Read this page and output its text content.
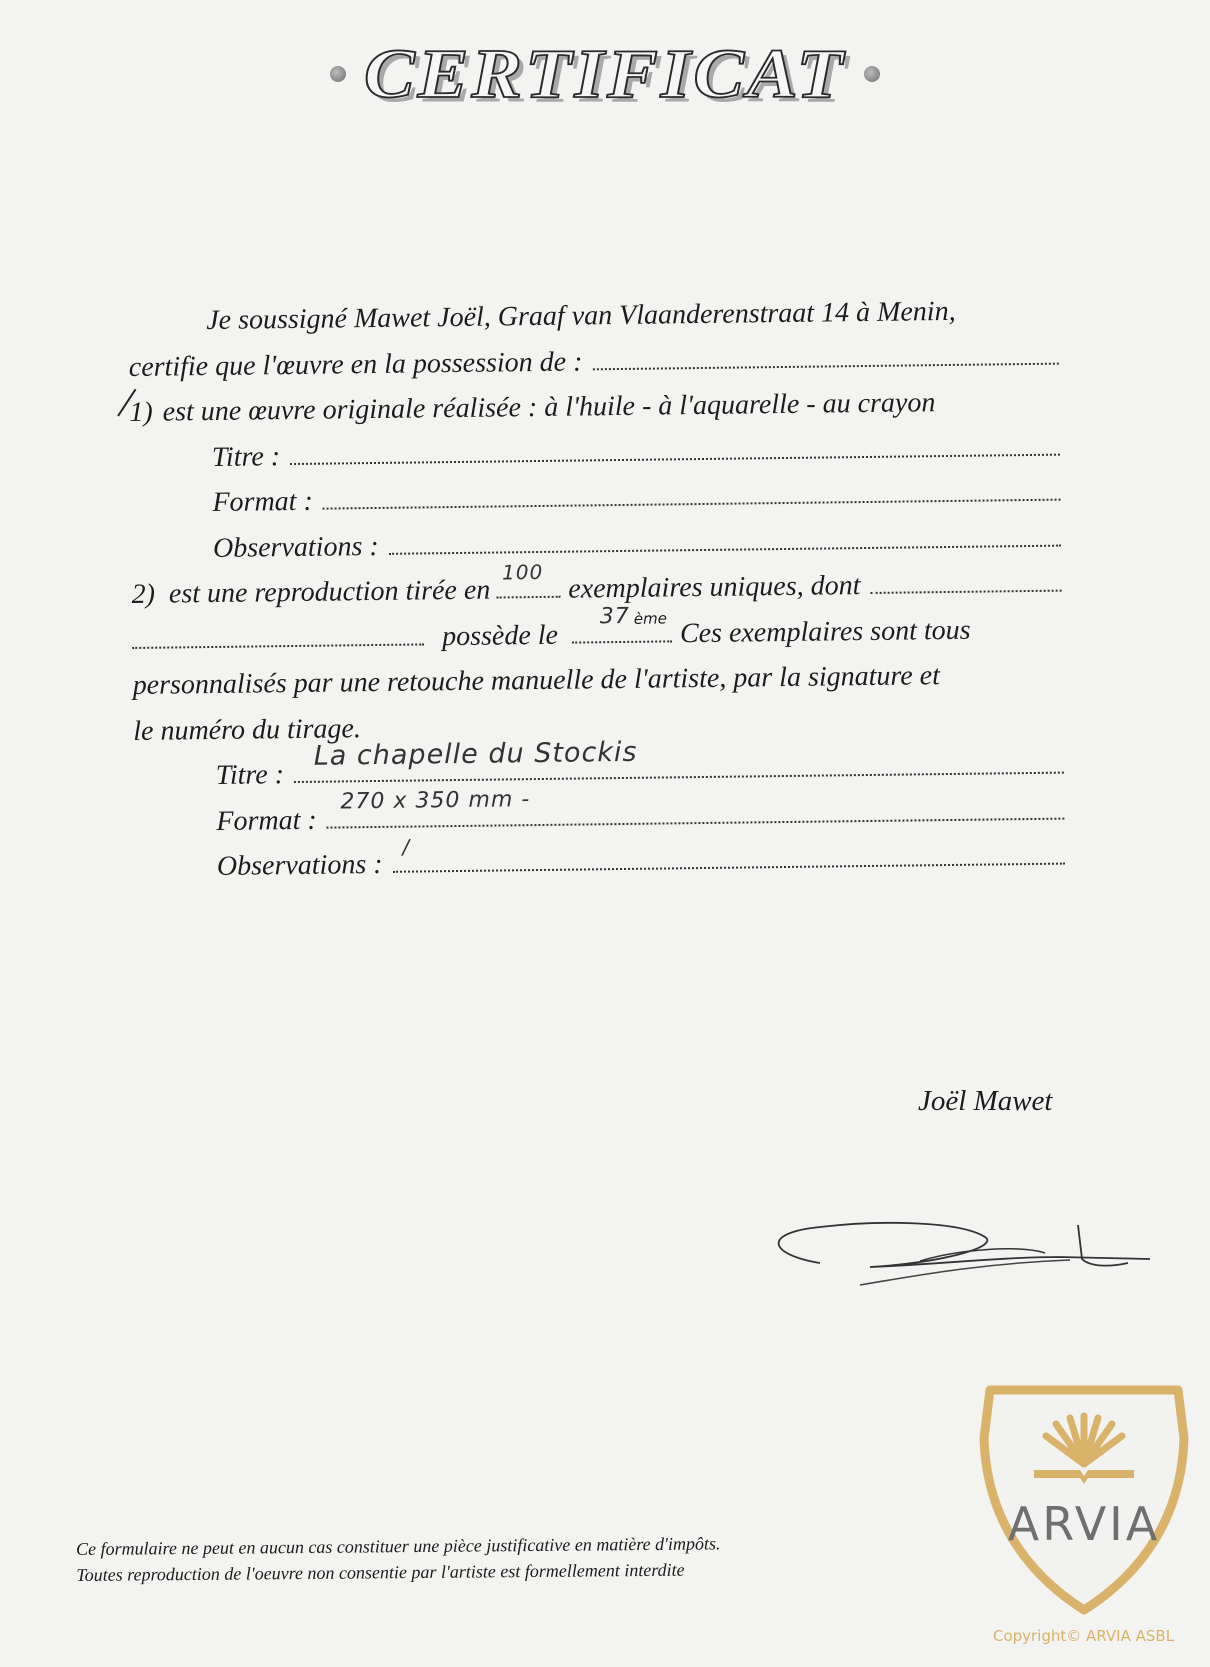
CERTIFICAT
Je soussigné Mawet Joël, Graaf van Vlaanderenstraat 14 à Menin,
certifie que l'œuvre en la possession de :
1) est une œuvre originale réalisée : à l'huile - à l'aquarelle - au crayon
Titre :
Format :
Observations :
2) est une reproduction tirée en
100 exemplaires uniques, dont
possède le
37 ème Ces exemplaires sont tous
personnalisés par une retouche manuelle de l'artiste, par la signature et
le numéro du tirage.
Titre :
La chapelle du Stockis
Format :
270 x 350 mm -
Observations :
/
Joël Mawet
Ce formulaire ne peut en aucun cas constituer une pièce justificative en matière d'impôts.
Toutes reproduction de l'oeuvre non consentie par l'artiste est formellement interdite
ARVIA
Copyright© ARVIA ASBL
